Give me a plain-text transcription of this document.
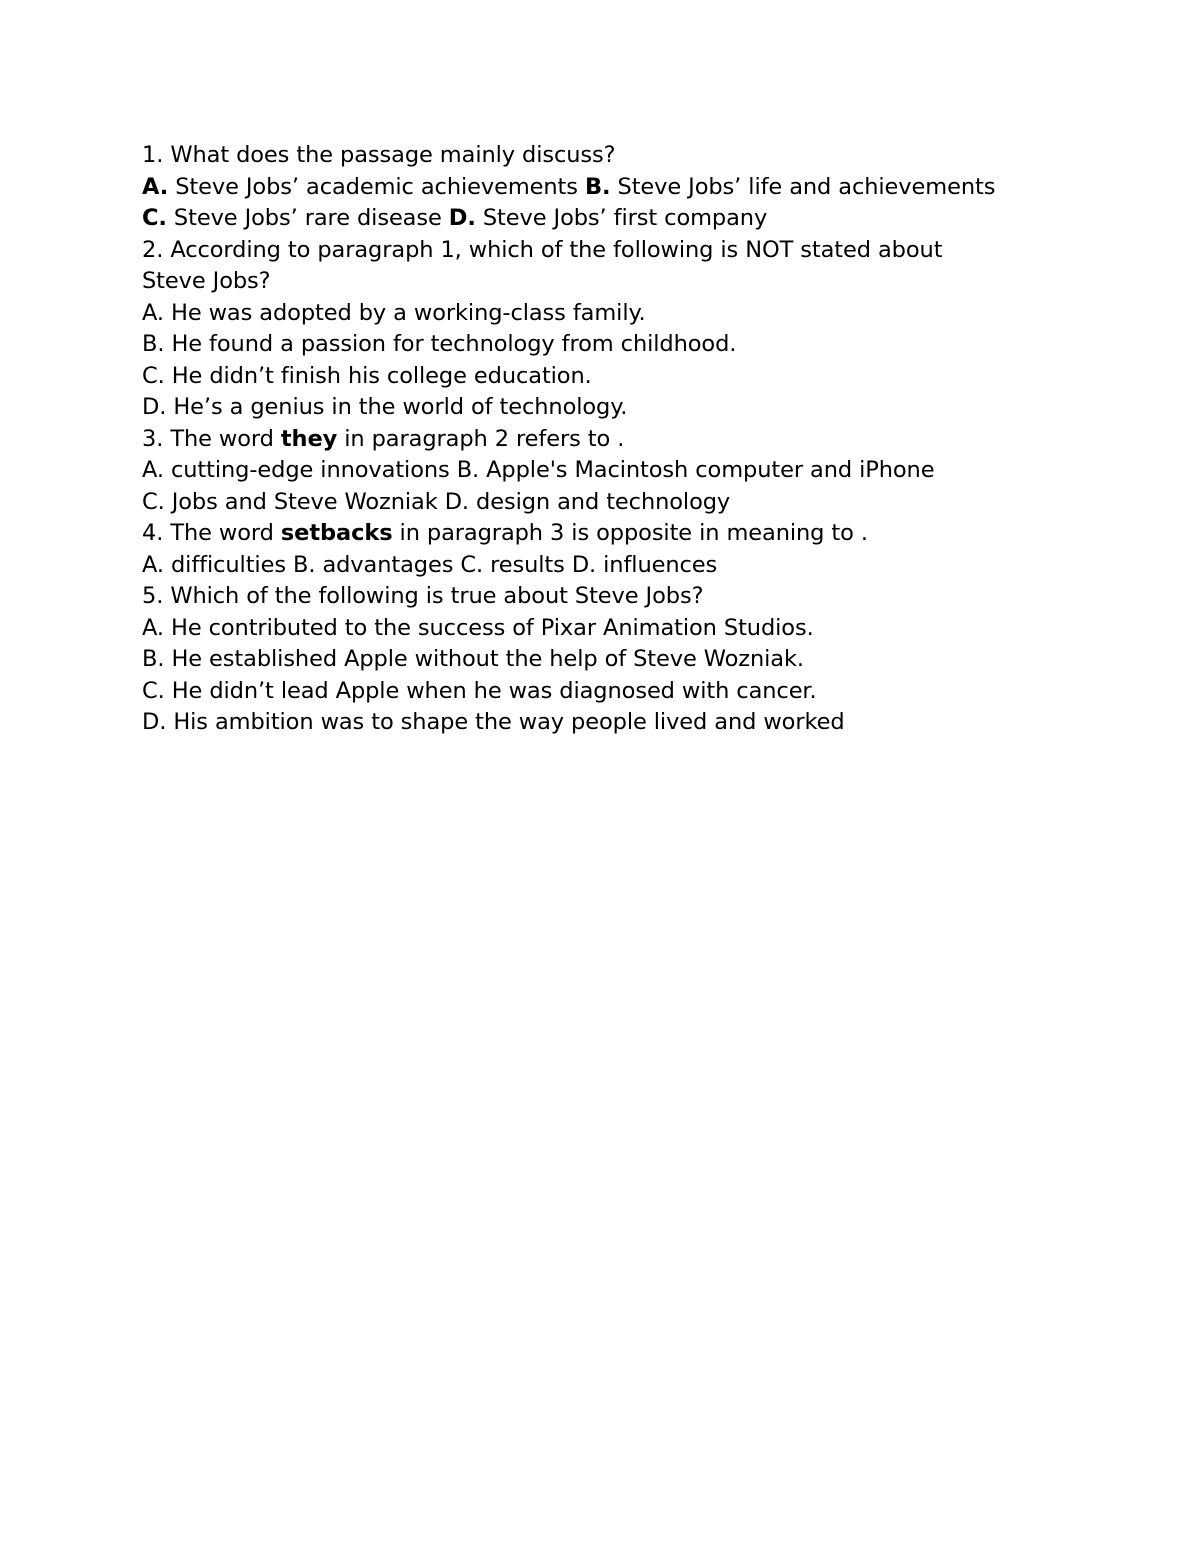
1. What does the passage mainly discuss?

A. Steve Jobs’ academic achievements B. Steve Jobs’ life and achievements

C. Steve Jobs’ rare disease D. Steve Jobs’ first company

2. According to paragraph 1, which of the following is NOT stated about Steve Jobs?

A. He was adopted by a working-class family.

B. He found a passion for technology from childhood.

C. He didn’t finish his college education.

D. He’s a genius in the world of technology.

3. The word they in paragraph 2 refers to .

A. cutting-edge innovations B. Apple's Macintosh computer and iPhone

C. Jobs and Steve Wozniak D. design and technology

4. The word setbacks in paragraph 3 is opposite in meaning to .

A. difficulties B. advantages C. results D. influences

5. Which of the following is true about Steve Jobs?

A. He contributed to the success of Pixar Animation Studios.

B. He established Apple without the help of Steve Wozniak.

C. He didn’t lead Apple when he was diagnosed with cancer.

D. His ambition was to shape the way people lived and worked
